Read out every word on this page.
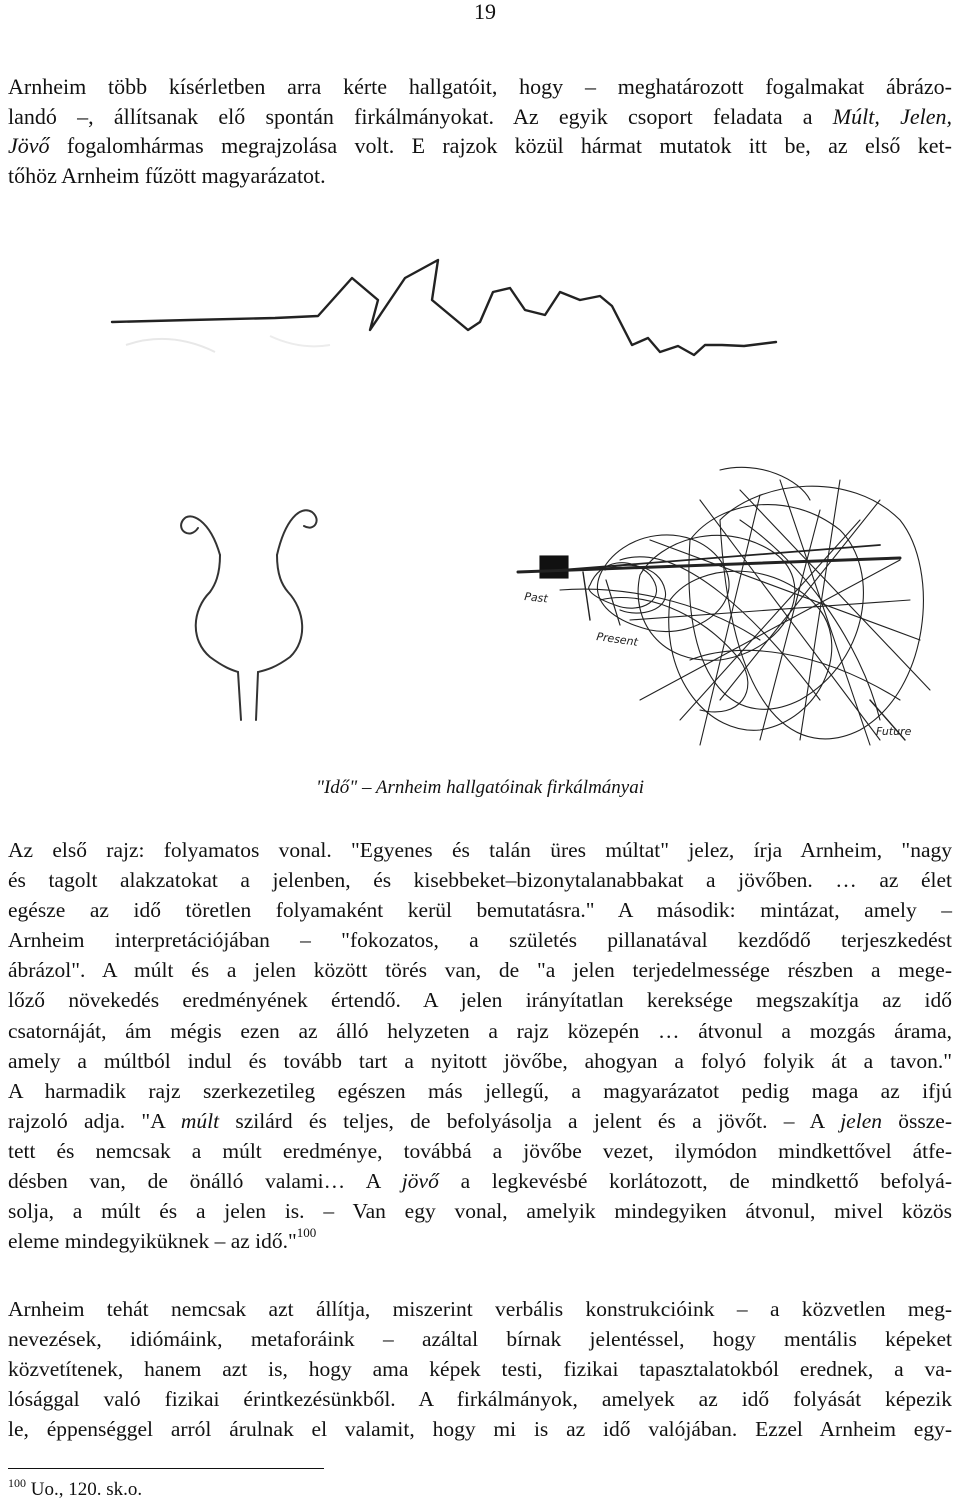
19
Arnheim több kísérletben arra kérte hallgatóit, hogy – meghatározott fogalmakat ábrázo-
landó –, állítsanak elő spontán firkálmányokat. Az egyik csoport feladata a Múlt, Jelen,
Jövő fogalomhármas megrajzolása volt. E rajzok közül hármat mutatok itt be, az első ket-
tőhöz Arnheim fűzött magyarázatot.
Past
Present
Future
"Idő" – Arnheim hallgatóinak firkálmányai
Az első rajz: folyamatos vonal. "Egyenes és talán üres múltat" jelez, írja Arnheim, "nagy
és tagolt alakzatokat a jelenben, és kisebbeket–bizonytalanabbakat a jövőben. … az élet
egésze az idő töretlen folyamaként kerül bemutatásra." A második: mintázat, amely –
Arnheim interpretációjában – "fokozatos, a születés pillanatával kezdődő terjeszkedést
ábrázol". A múlt és a jelen között törés van, de "a jelen terjedelmessége részben a mege-
lőző növekedés eredményének értendő. A jelen irányítatlan kereksége megszakítja az idő
csatornáját, ám mégis ezen az álló helyzeten a rajz közepén … átvonul a mozgás árama,
amely a múltból indul és tovább tart a nyitott jövőbe, ahogyan a folyó folyik át a tavon."
A harmadik rajz szerkezetileg egészen más jellegű, a magyarázatot pedig maga az ifjú
rajzoló adja. "A múlt szilárd és teljes, de befolyásolja a jelent és a jövőt. – A jelen össze-
tett és nemcsak a múlt eredménye, továbbá a jövőbe vezet, ilymódon mindkettővel átfe-
désben van, de önálló valami… A jövő a legkevésbé korlátozott, de mindkettő befolyá-
solja, a múlt és a jelen is. – Van egy vonal, amelyik mindegyiken átvonul, mivel közös
eleme mindegyiküknek – az idő."$^{100}$
Arnheim tehát nemcsak azt állítja, miszerint verbális konstrukcióink – a közvetlen meg-
nevezések, idiómáink, metaforáink – azáltal bírnak jelentéssel, hogy mentális képeket
közvetítenek, hanem azt is, hogy ama képek testi, fizikai tapasztalatokból erednek, a va-
lósággal való fizikai érintkezésünkből. A firkálmányok, amelyek az idő folyását képezik
le, éppenséggel arról árulnak el valamit, hogy mi is az idő valójában. Ezzel Arnheim egy-
$^{100}$ Uo., 120. sk.o.
